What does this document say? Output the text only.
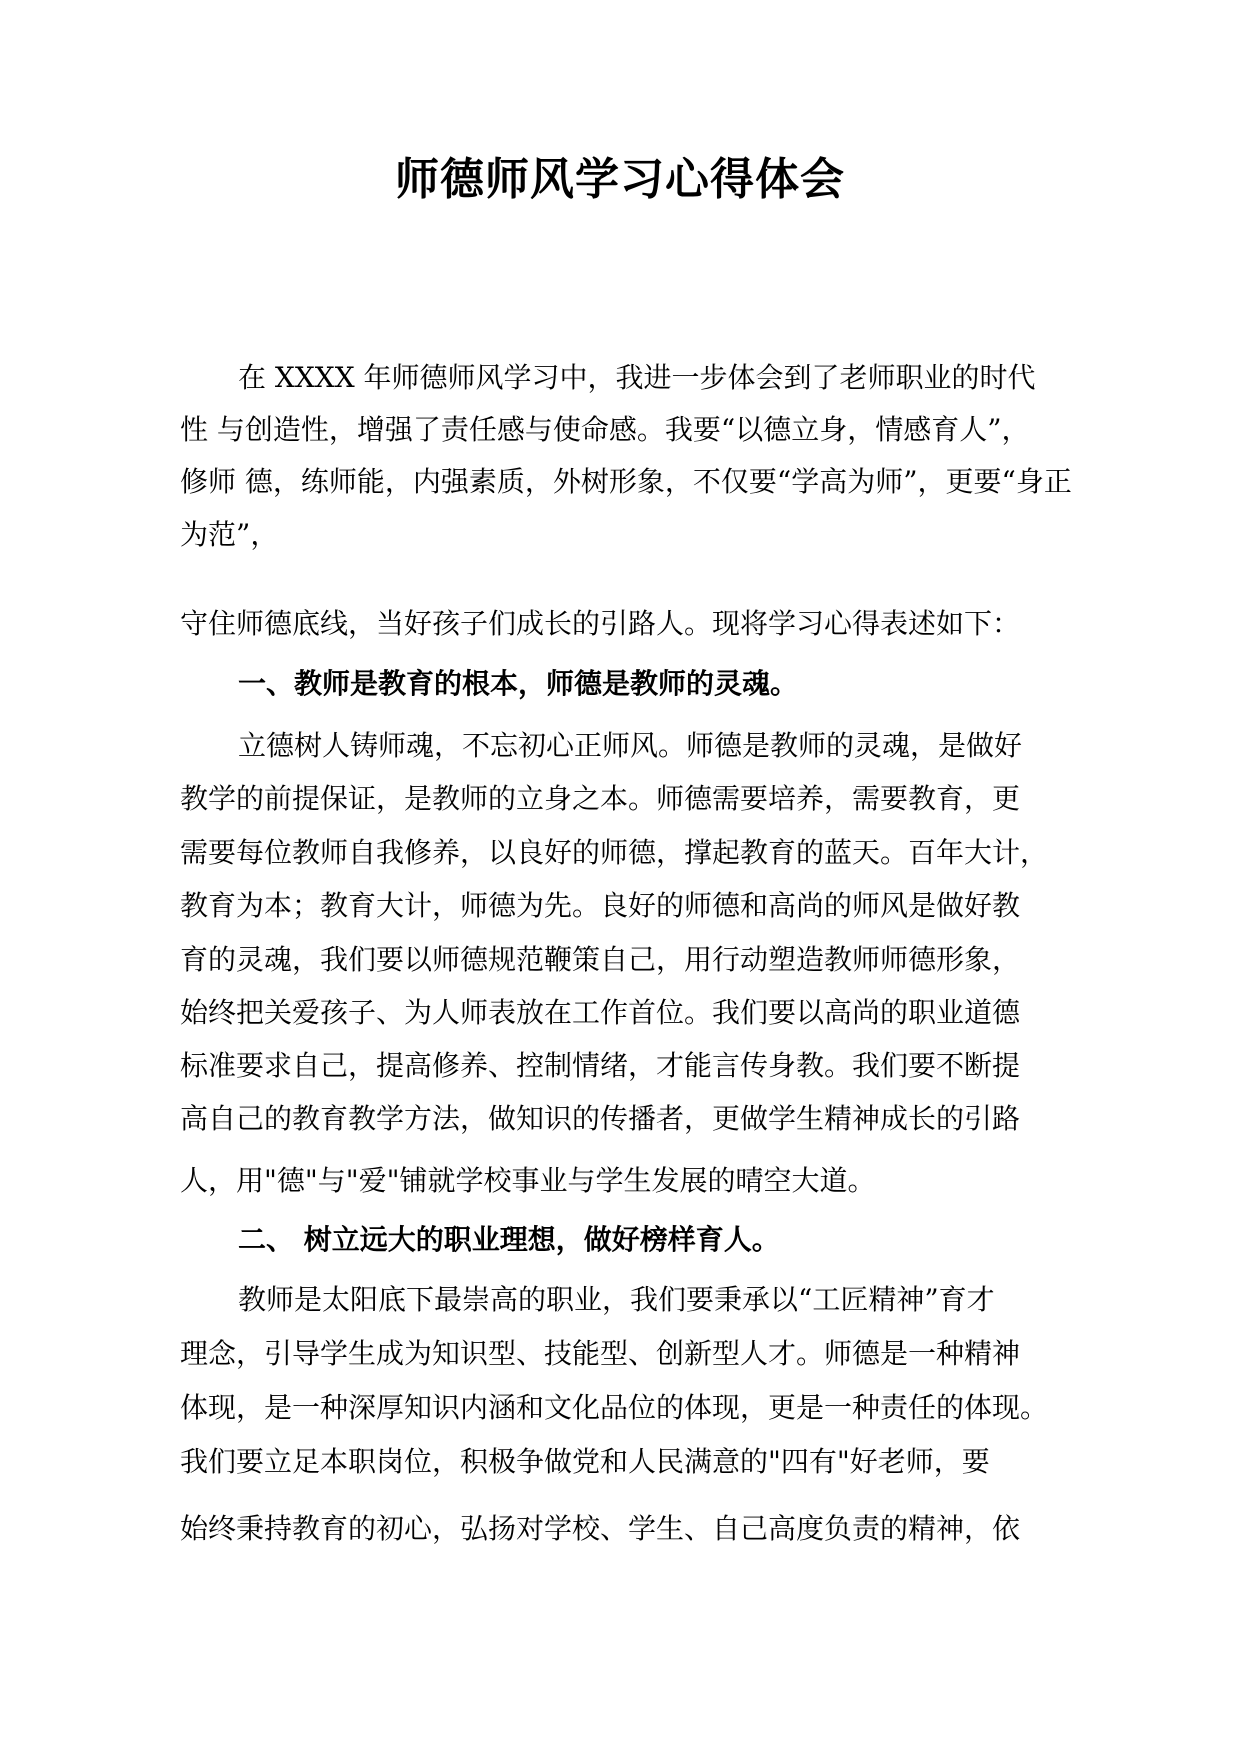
师德师风学习心得体会
在 XXXX 年师德师风学习中，我进一步体会到了老师职业的时代
性 与创造性，增强了责任感与使命感。我要“以德立身，情感育人”，
修师 德，练师能，内强素质，外树形象，不仅要“学高为师”，更要“身正
为范”，
守住师德底线，当好孩子们成长的引路人。现将学习心得表述如下：
一、教师是教育的根本，师德是教师的灵魂。
立德树人铸师魂，不忘初心正师风。师德是教师的灵魂，是做好
教学的前提保证，是教师的立身之本。师德需要培养，需要教育，更
需要每位教师自我修养，以良好的师德，撑起教育的蓝天。百年大计，
教育为本；教育大计，师德为先。良好的师德和高尚的师风是做好教
育的灵魂，我们要以师德规范鞭策自己，用行动塑造教师师德形象，
始终把关爱孩子、为人师表放在工作首位。我们要以高尚的职业道德
标准要求自己，提高修养、控制情绪，才能言传身教。我们要不断提
高自己的教育教学方法，做知识的传播者，更做学生精神成长的引路
人，用"德"与"爱"铺就学校事业与学生发展的晴空大道。
二、 树立远大的职业理想，做好榜样育人。
教师是太阳底下最崇高的职业，我们要秉承以“工匠精神”育才
理念，引导学生成为知识型、技能型、创新型人才。师德是一种精神
体现，是一种深厚知识内涵和文化品位的体现，更是一种责任的体现。
我们要立足本职岗位，积极争做党和人民满意的"四有"好老师，要
始终秉持教育的初心，弘扬对学校、学生、自己高度负责的精神，依
